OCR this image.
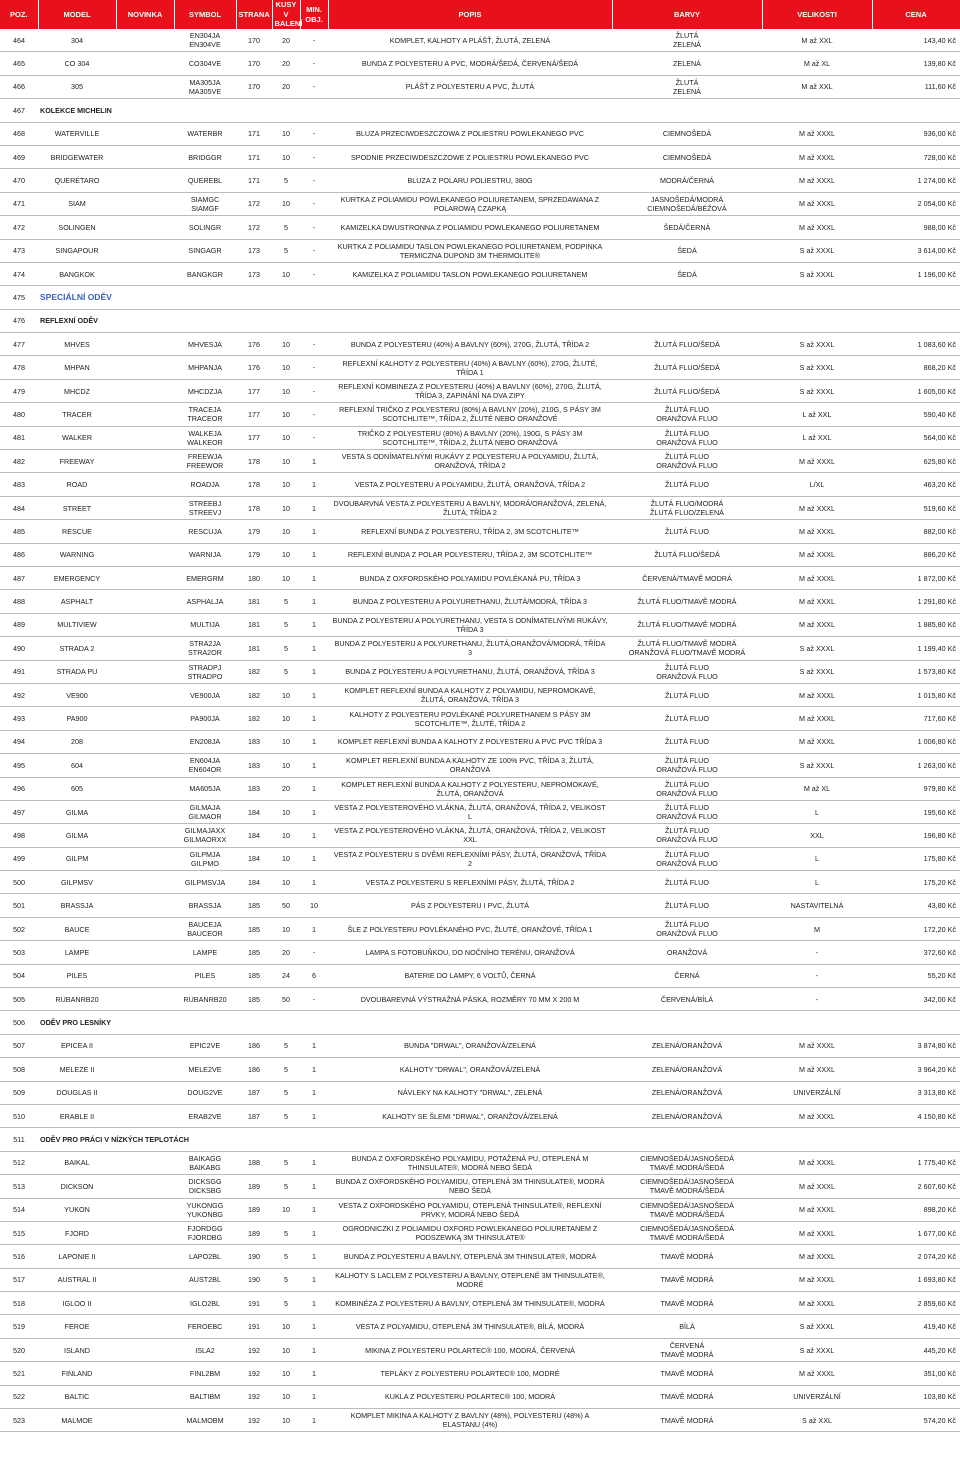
POZ.	MODEL	NOVINKA	SYMBOL	STRANA	KUSY V BALENÍ	MIN. OBJ.	POPIS	BARVY	VELIKOSTI	CENA
464	304		EN304JA
EN304VE	170	20	-	KOMPLET, KALHOTY A PLÁŠŤ, ŽLUTÁ, ZELENÁ	ŽLUTÁ
ZELENÁ	M až XXL	143,40 Kč
465	CO 304		CO304VE	170	20	-	BUNDA Z POLYESTERU A PVC, MODRÁ/ŠEDÁ, ČERVENÁ/ŠEDÁ	ZELENÁ	M až XL	139,80 Kč
466	305		MA305JA
MA305VE	170	20	-	PLÁŠŤ Z POLYESTERU A PVC, ŽLUTÁ	ŽLUTÁ
ZELENÁ	M až XXL	111,60 Kč
467	KOLEKCE MICHELIN									
468	WATERVILLE		WATERBR	171	10	-	BLUZA PRZECIWDESZCZOWA Z POLIESTRU POWLEKANEGO PVC	CIEMNOŠEDÁ	M až XXXL	936,00 Kč
469	BRIDGEWATER		BRIDGGR	171	10	-	SPODNIE PRZECIWDESZCZOWE Z POLIESTRU POWLEKANEGO PVC	CIEMNOŠEDÁ	M až XXXL	728,00 Kč
470	QUERETARO		QUEREBL	171	5	-	BLUZA Z POLARU POLIESTRU, 380G	MODRÁ/ČERNÁ	M až XXXL	1 274,00 Kč
471	SIAM		SIAMGC
SIAMGF	172	10	-	KURTKA Z POLIAMIDU POWLEKANEGO POLIURETANEM, SPRZEDAWANA Z POLAROWĄ CZAPKĄ	JASNOŠEDÁ/MODRÁ
CIEMNOŠEDÁ/BÉŽOVÁ	M až XXXL	2 054,00 Kč
472	SOLINGEN		SOLINGR	172	5	-	KAMIZELKA DWUSTRONNA Z POLIAMIDU POWLEKANEGO POLIURETANEM	ŠEDÁ/ČERNÁ	M až XXXL	988,00 Kč
473	SINGAPOUR		SINGAGR	173	5	-	KURTKA Z POLIAMIDU TASLON POWLEKANEGO POLIURETANEM, PODPINKA TERMICZNA DUPOND 3M THERMOLITE®	ŠEDÁ	S až XXXL	3 614,00 Kč
474	BANGKOK		BANGKGR	173	10	-	KAMIZELKA Z POLIAMIDU TASLON POWLEKANEGO POLIURETANEM	ŠEDÁ	S až XXXL	1 196,00 Kč
475	SPECIÁLNÍ ODĚV									
476	REFLEXNÍ ODĚV									
477	MHVES		MHVESJA	176	10	-	BUNDA Z POLYESTERU (40%) A BAVLNY (60%), 270G, ŽLUTÁ, TŘÍDA 2	ŽLUTÁ FLUO/ŠEDÁ	S až XXXL	1 083,60 Kč
478	MHPAN		MHPANJA	176	10	-	REFLEXNÍ KALHOTY Z POLYESTERU (40%) A BAVLNY (60%), 270G, ŽLUTÉ, TŘÍDA 1	ŽLUTÁ FLUO/ŠEDÁ	S až XXXL	868,20 Kč
479	MHCDZ		MHCDZJA	177	10	-	REFLEXNÍ KOMBINEZA Z POLYESTERU (40%) A BAVLNY (60%), 270G, ŽLUTÁ, TŘÍDA 3, ZAPINÁNÍ NA DVA ZIPY	ŽLUTÁ FLUO/ŠEDÁ	S až XXXL	1 605,00 Kč
480	TRACER		TRACEJA
TRACEOR	177	10	-	REFLEXNÍ TRIČKO Z POLYESTERU (80%) A BAVLNY (20%), 210G, S PÁSY 3M SCOTCHLITE™, TŘÍDA 2, ŽLUTÉ NEBO ORANŽOVÉ	ŽLUTÁ FLUO
ORANŽOVÁ FLUO	L až XXL	590,40 Kč
481	WALKER		WALKEJA
WALKEOR	177	10	-	TRIČKO Z POLYESTERU (80%) A BAVLNY (20%), 190G, S PÁSY 3M SCOTCHLITE™, TŘÍDA 2, ŽLUTÁ NEBO ORANŽOVÁ	ŽLUTÁ FLUO
ORANŽOVÁ FLUO	L až XXL	564,00 Kč
482	FREEWAY		FREEWJA
FREEWOR	178	10	1	VESTA S ODNÍMATELNÝMI RUKÁVY Z POLYESTERU A POLYAMIDU, ŽLUTÁ, ORANŽOVÁ, TŘÍDA 2	ŽLUTÁ FLUO
ORANŽOVÁ FLUO	M až XXXL	625,80 Kč
483	ROAD		ROADJA	178	10	1	VESTA Z POLYESTERU A POLYAMIDU, ŽLUTÁ, ORANŽOVÁ, TŘÍDA 2	ŽLUTÁ FLUO	L/XL	463,20 Kč
484	STREET		STREEBJ
STREEVJ	178	10	1	DVOUBARVNÁ VESTA Z POLYESTERU A BAVLNY, MODRÁ/ORANŽOVÁ, ZELENÁ, ŽLUTÁ, TŘÍDA 2	ŽLUTÁ FLUO/MODRÁ
ŽLUTÁ FLUO/ZELENÁ	M až XXXL	519,60 Kč
485	RESCUE		RESCUJA	179	10	1	REFLEXNÍ BUNDA Z POLYESTERU, TŘÍDA 2, 3M SCOTCHLITE™	ŽLUTÁ FLUO	M až XXXL	882,00 Kč
486	WARNING		WARNIJA	179	10	1	REFLEXNÍ BUNDA Z POLAR POLYESTERU, TŘÍDA 2, 3M SCOTCHLITE™	ŽLUTÁ FLUO/ŠEDÁ	M až XXXL	886,20 Kč
487	EMERGENCY		EMERGRM	180	10	1	BUNDA Z OXFORDSKÉHO POLYAMIDU POVLÉKANÁ PU, TŘÍDA 3	ČERVENÁ/TMAVĚ MODRÁ	M až XXXL	1 872,00 Kč
488	ASPHALT		ASPHALJA	181	5	1	BUNDA Z POLYESTERU A POLYURETHANU, ŽLUTÁ/MODRÁ, TŘÍDA 3	ŽLUTÁ FLUO/TMAVĚ MODRÁ	M až XXXL	1 291,80 Kč
489	MULTIVIEW		MULTIJA	181	5	1	BUNDA Z POLYESTERU A POLYURETHANU, VESTA S ODNÍMATELNÝMI RUKÁVY, TŘÍDA 3	ŽLUTÁ FLUO/TMAVĚ MODRÁ	M až XXXL	1 885,80 Kč
490	STRADA 2		STRA2JA
STRA2OR	181	5	1	BUNDA Z POLYESTERU A POLYURETHANU, ŽLUTÁ,ORANŽOVÁ/MODRÁ, TŘÍDA 3	ŽLUTÁ FLUO/TMAVĚ MODRÁ
ORANŽOVÁ FLUO/TMAVĚ MODRÁ	S až XXXL	1 199,40 Kč
491	STRADA PU		STRADPJ
STRADPO	182	5	1	BUNDA Z POLYESTERU A POLYURETHANU, ŽLUTÁ, ORANŽOVÁ, TŘÍDA 3	ŽLUTÁ FLUO
ORANŽOVÁ FLUO	S až XXXL	1 573,80 Kč
492	VE900		VE900JA	182	10	1	KOMPLET REFLEXNÍ BUNDA A KALHOTY Z POLYAMIDU, NEPROMOKAVÉ, ŽLUTÁ, ORANŽOVÁ, TŘÍDA 3	ŽLUTÁ FLUO	M až XXXL	1 015,80 Kč
493	PA900		PA900JA	182	10	1	KALHOTY Z POLYESTERU POVLÉKANÉ POLYURETHANEM S PÁSY 3M SCOTCHLITE™, ŽLUTÉ, TŘÍDA 2	ŽLUTÁ FLUO	M až XXXL	717,60 Kč
494	208		EN208JA	183	10	1	KOMPLET REFLEXNÍ BUNDA A KALHOTY Z POLYESTERU A PVC PVC TŘÍDA 3	ŽLUTÁ FLUO	M až XXXL	1 006,80 Kč
495	604		EN604JA
EN604OR	183	10	1	KOMPLET REFLEXNÍ BUNDA A KALHOTY ZE 100% PVC, TŘÍDA 3, ŽLUTÁ, ORANŽOVÁ	ŽLUTÁ FLUO
ORANŽOVÁ FLUO	S až XXXL	1 263,00 Kč
496	605		MA605JA	183	20	1	KOMPLET REFLEXNÍ BUNDA A KALHOTY Z POLYESTERU, NEPROMOKAVÉ, ŽLUTÁ, ORANŽOVÁ	ŽLUTÁ FLUO
ORANŽOVÁ FLUO	M až XL	979,80 Kč
497	GILMA		GILMAJA
GILMAOR	184	10	1	VESTA Z POLYESTEROVÉHO VLÁKNA, ŽLUTÁ, ORANŽOVÁ, TŘÍDA 2, VELIKOST L	ŽLUTÁ FLUO
ORANŽOVÁ FLUO	L	195,60 Kč
498	GILMA		GILMAJAXX
GILMAORXX	184	10	1	VESTA Z POLYESTEROVÉHO VLÁKNA, ŽLUTÁ, ORANŽOVÁ, TŘÍDA 2, VELIKOST XXL	ŽLUTÁ FLUO
ORANŽOVÁ FLUO	XXL	196,80 Kč
499	GILPM		GILPMJA
GILPMO	184	10	1	VESTA Z POLYESTERU S DVĚMI REFLEXNÍMI PÁSY, ŽLUTÁ, ORANŽOVÁ, TŘÍDA 2	ŽLUTÁ FLUO
ORANŽOVÁ FLUO	L	175,80 Kč
500	GILPMSV		GILPMSVJA	184	10	1	VESTA Z POLYESTERU S REFLEXNÍMI PÁSY, ŽLUTÁ, TŘÍDA 2	ŽLUTÁ FLUO	L	175,20 Kč
501	BRASSJA		BRASSJA	185	50	10	PÁS Z POLYESTERU I PVC, ŽLUTÁ	ŽLUTÁ FLUO	NASTAVITELNÁ	43,80 Kč
502	BAUCE		BAUCEJA
BAUCEOR	185	10	1	ŠLE Z POLYESTERU POVLÉKANÉHO PVC, ŽLUTÉ, ORANŽOVÉ, TŘÍDA 1	ŽLUTÁ FLUO
ORANŽOVÁ FLUO	M	172,20 Kč
503	LAMPE		LAMPE	185	20	-	LAMPA S FOTOBUŇKOU, DO NOČNÍHO TERÉNU, ORANŽOVÁ	ORANŽOVÁ	-	372,60 Kč
504	PILES		PILES	185	24	6	BATERIE DO LAMPY, 6 VOLTŮ, ČERNÁ	ČERNÁ	-	55,20 Kč
505	RUBANRB20		RUBANRB20	185	50	-	DVOUBAREVNÁ VÝSTRAŽNÁ PÁSKA, ROZMĚRY 70 MM X 200 M	ČERVENÁ/BÍLÁ	-	342,00 Kč
506	ODĚV PRO LESNÍKY									
507	EPICEA II		EPIC2VE	186	5	1	BUNDA "DRWAL", ORANŽOVÁ/ZELENÁ	ZELENÁ/ORANŽOVÁ	M až XXXL	3 874,80 Kč
508	MELEZE II		MELE2VE	186	5	1	KALHOTY "DRWAL", ORANŽOVÁ/ZELENÁ	ZELENÁ/ORANŽOVÁ	M až XXXL	3 964,20 Kč
509	DOUGLAS II		DOUG2VE	187	5	1	NÁVLEKY NA KALHOTY "DRWAL", ZELENÁ	ZELENÁ/ORANŽOVÁ	UNIVERZÁLNÍ	3 313,80 Kč
510	ERABLE II		ERAB2VE	187	5	1	KALHOTY SE ŠLEMI "DRWAL", ORANŽOVÁ/ZELENÁ	ZELENÁ/ORANŽOVÁ	M až XXXL	4 150,80 Kč
511	ODĚV PRO PRÁCI V NÍZKÝCH TEPLOTÁCH									
512	BAIKAL		BAIKAGG
BAIKABG	188	5	1	BUNDA Z OXFORDSKÉHO POLYAMIDU, POTAŽENÁ PU, OTEPLENÁ M THINSULATE®, MODRÁ NEBO ŠEDÁ	CIEMNOŠEDÁ/JASNOŠEDÁ
TMAVĚ MODRÁ/ŠEDÁ	M až XXXL	1 775,40 Kč
513	DICKSON		DICKSGG
DICKSBG	189	5	1	BUNDA Z OXFORDSKÉHO POLYAMIDU, OTEPLENÁ 3M THINSULATE®, MODRÁ NEBO ŠEDÁ	CIEMNOŠEDÁ/JASNOŠEDÁ
TMAVĚ MODRÁ/ŠEDÁ	M až XXXL	2 607,60 Kč
514	YUKON		YUKONGG
YUKONBG	189	10	1	VESTA Z OXFORDSKÉHO POLYAMIDU, OTEPLENÁ THINSULATE®, REFLEXNÍ PRVKY, MODRÁ NEBO ŠEDÁ	CIEMNOŠEDÁ/JASNOŠEDÁ
TMAVĚ MODRÁ/ŠEDÁ	M až XXXL	898,20 Kč
515	FJORD		FJORDGG
FJORDBG	189	5	1	OGRODNICZKI Z POLIAMIDU OXFORD POWLEKANEGO POLIURETANEM Z PODSZEWKĄ 3M THINSULATE®	CIEMNOŠEDÁ/JASNOŠEDÁ
TMAVĚ MODRÁ/ŠEDÁ	M až XXXL	1 677,00 Kč
516	LAPONIE II		LAPO2BL	190	5	1	BUNDA Z POLYESTERU A BAVLNY, OTEPLENÁ 3M THINSULATE®, MODRÁ	TMAVĚ MODRÁ	M až XXXL	2 074,20 Kč
517	AUSTRAL II		AUST2BL	190	5	1	KALHOTY S LACLEM Z POLYESTERU A BAVLNY, OTEPLENÉ 3M THINSULATE®, MODRÉ	TMAVĚ MODRÁ	M až XXXL	1 693,80 Kč
518	IGLOO II		IGLO2BL	191	5	1	KOMBINÉZA Z POLYESTERU A BAVLNY, OTEPLENÁ 3M THINSULATE®, MODRÁ	TMAVĚ MODRÁ	M až XXXL	2 859,60 Kč
519	FEROE		FEROEBC	191	10	1	VESTA Z POLYAMIDU, OTEPLENÁ 3M THINSULATE®, BÍLÁ, MODRÁ	BÍLÁ	S až XXXL	419,40 Kč
520	ISLAND		ISLA2	192	10	1	MIKINA Z POLYESTERU POLARTEC® 100, MODRÁ, ČERVENÁ	ČERVENÁ
TMAVĚ MODRÁ	S až XXXL	445,20 Kč
521	FINLAND		FINL2BM	192	10	1	TEPLÁKY Z POLYESTERU POLARTEC® 100, MODRÉ	TMAVĚ MODRÁ	M až XXXL	351,00 Kč
522	BALTIC		BALTIBM	192	10	1	KUKLA Z POLYESTERU POLARTEC® 100, MODRÁ	TMAVĚ MODRÁ	UNIVERZÁLNÍ	103,80 Kč
523	MALMOE		MALMOBM	192	10	1	KOMPLET MIKINA A KALHOTY Z BAVLNY (48%), POLYESTERU (48%) A ELASTANU (4%)	TMAVĚ MODRÁ	S až XXL	574,20 Kč
